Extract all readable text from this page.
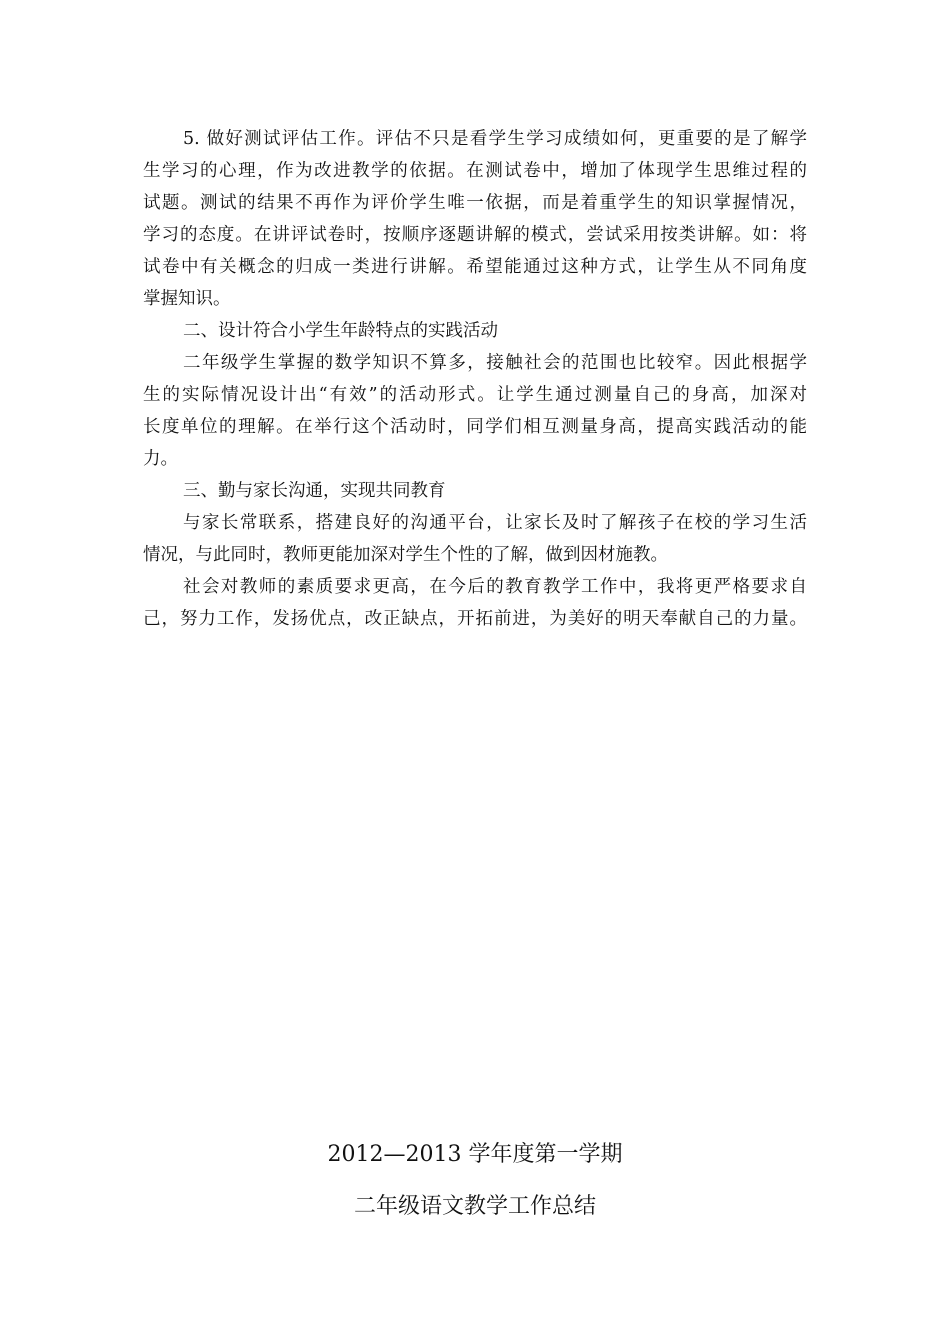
5. 做好测试评估工作。评估不只是看学生学习成绩如何，更重要的是了解学
生学习的心理，作为改进教学的依据。在测试卷中，增加了体现学生思维过程的
试题。测试的结果不再作为评价学生唯一依据，而是着重学生的知识掌握情况，
学习的态度。在讲评试卷时，按顺序逐题讲解的模式，尝试采用按类讲解。如：将
试卷中有关概念的归成一类进行讲解。希望能通过这种方式，让学生从不同角度
掌握知识。
二、设计符合小学生年龄特点的实践活动
二年级学生掌握的数学知识不算多，接触社会的范围也比较窄。因此根据学
生的实际情况设计出“有效”的活动形式。让学生通过测量自己的身高，加深对
长度单位的理解。在举行这个活动时，同学们相互测量身高，提高实践活动的能
力。
三、勤与家长沟通，实现共同教育
与家长常联系，搭建良好的沟通平台，让家长及时了解孩子在校的学习生活
情况，与此同时，教师更能加深对学生个性的了解，做到因材施教。
社会对教师的素质要求更高，在今后的教育教学工作中，我将更严格要求自
己，努力工作，发扬优点，改正缺点，开拓前进，为美好的明天奉献自己的力量。
2012—2013 学年度第一学期
二年级语文教学工作总结
